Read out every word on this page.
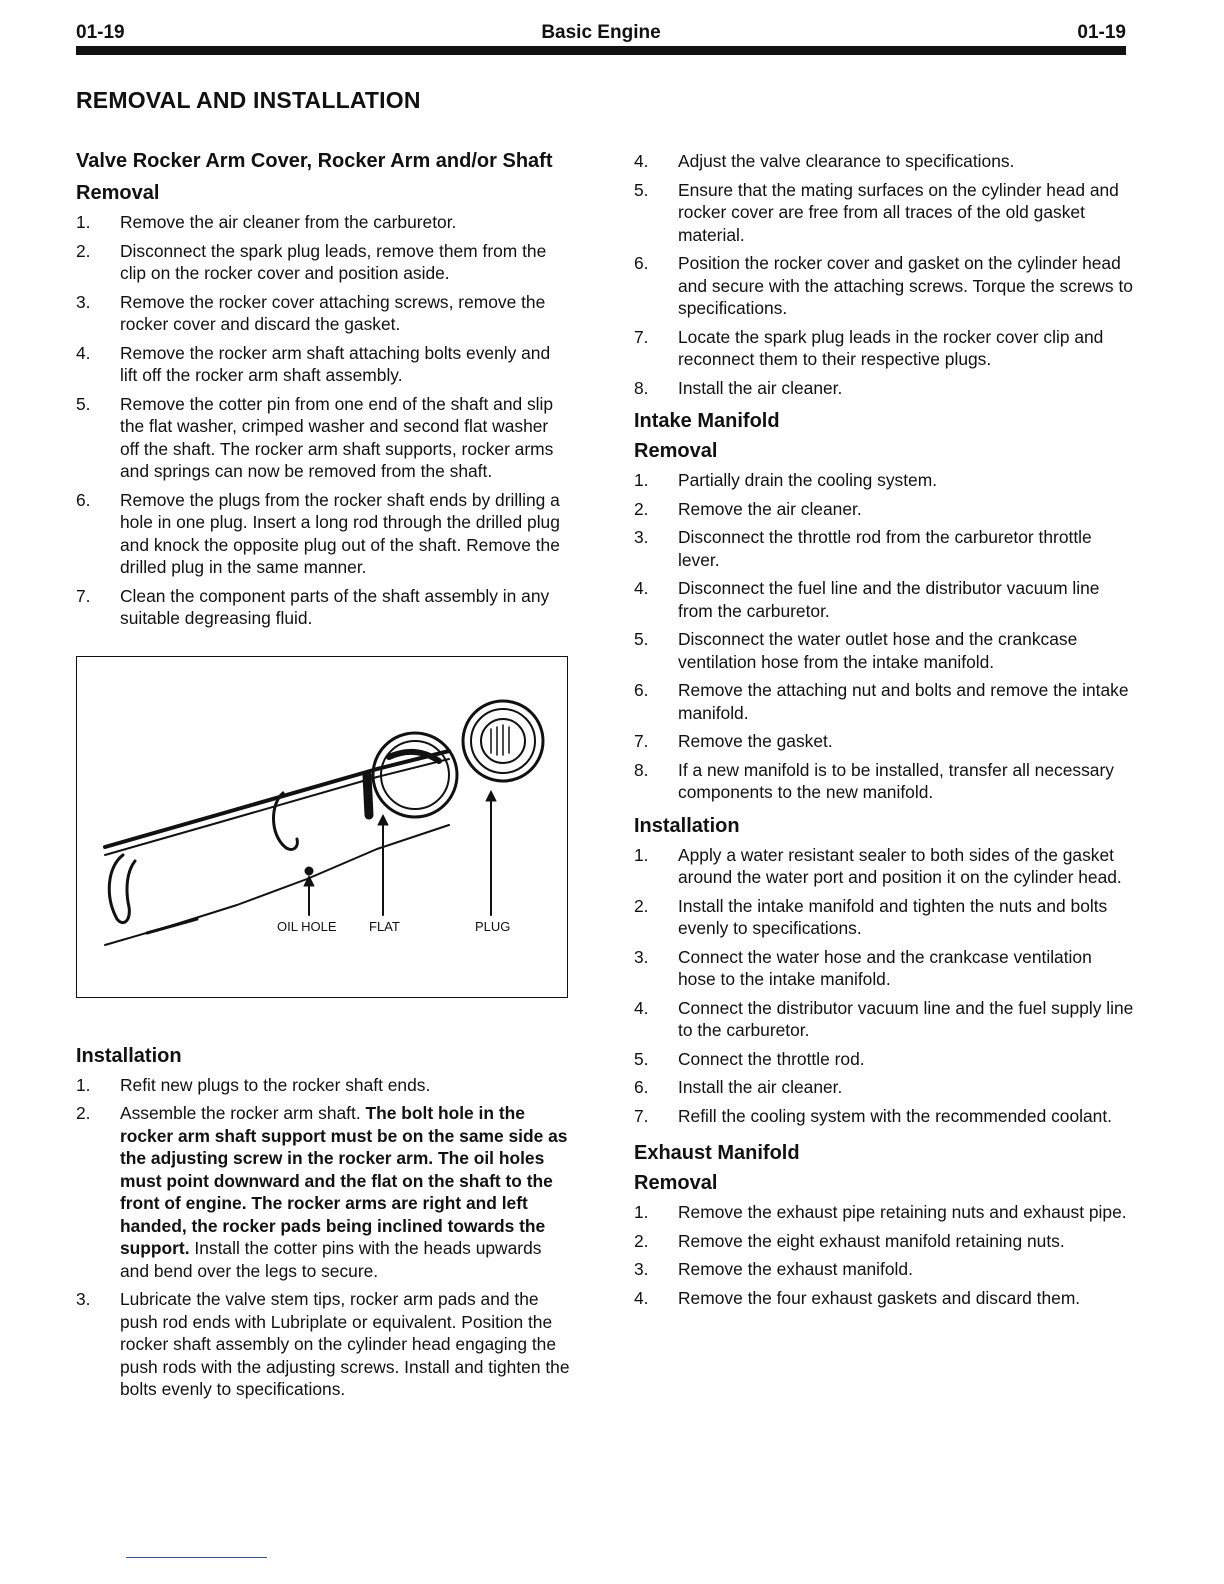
01-19	Basic Engine	01-19
REMOVAL AND INSTALLATION
Valve Rocker Arm Cover, Rocker Arm and/or Shaft
Removal
1. Remove the air cleaner from the carburetor.
2. Disconnect the spark plug leads, remove them from the clip on the rocker cover and position aside.
3. Remove the rocker cover attaching screws, remove the rocker cover and discard the gasket.
4. Remove the rocker arm shaft attaching bolts evenly and lift off the rocker arm shaft assembly.
5. Remove the cotter pin from one end of the shaft and slip the flat washer, crimped washer and second flat washer off the shaft. The rocker arm shaft supports, rocker arms and springs can now be removed from the shaft.
6. Remove the plugs from the rocker shaft ends by drilling a hole in one plug. Insert a long rod through the drilled plug and knock the opposite plug out of the shaft. Remove the drilled plug in the same manner.
7. Clean the component parts of the shaft assembly in any suitable degreasing fluid.
OIL HOLE	FLAT	PLUG
Installation
1. Refit new plugs to the rocker shaft ends.
2. Assemble the rocker arm shaft. The bolt hole in the rocker arm shaft support must be on the same side as the adjusting screw in the rocker arm. The oil holes must point downward and the flat on the shaft to the front of engine. The rocker arms are right and left handed, the rocker pads being inclined towards the support. Install the cotter pins with the heads upwards and bend over the legs to secure.
3. Lubricate the valve stem tips, rocker arm pads and the push rod ends with Lubriplate or equivalent. Position the rocker shaft assembly on the cylinder head engaging the push rods with the adjusting screws. Install and tighten the bolts evenly to specifications.
4. Adjust the valve clearance to specifications.
5. Ensure that the mating surfaces on the cylinder head and rocker cover are free from all traces of the old gasket material.
6. Position the rocker cover and gasket on the cylinder head and secure with the attaching screws. Torque the screws to specifications.
7. Locate the spark plug leads in the rocker cover clip and reconnect them to their respective plugs.
8. Install the air cleaner.
Intake Manifold
Removal
1. Partially drain the cooling system.
2. Remove the air cleaner.
3. Disconnect the throttle rod from the carburetor throttle lever.
4. Disconnect the fuel line and the distributor vacuum line from the carburetor.
5. Disconnect the water outlet hose and the crankcase ventilation hose from the intake manifold.
6. Remove the attaching nut and bolts and remove the intake manifold.
7. Remove the gasket.
8. If a new manifold is to be installed, transfer all necessary components to the new manifold.
Installation
1. Apply a water resistant sealer to both sides of the gasket around the water port and position it on the cylinder head.
2. Install the intake manifold and tighten the nuts and bolts evenly to specifications.
3. Connect the water hose and the crankcase ventilation hose to the intake manifold.
4. Connect the distributor vacuum line and the fuel supply line to the carburetor.
5. Connect the throttle rod.
6. Install the air cleaner.
7. Refill the cooling system with the recommended coolant.
Exhaust Manifold
Removal
1. Remove the exhaust pipe retaining nuts and exhaust pipe.
2. Remove the eight exhaust manifold retaining nuts.
3. Remove the exhaust manifold.
4. Remove the four exhaust gaskets and discard them.
